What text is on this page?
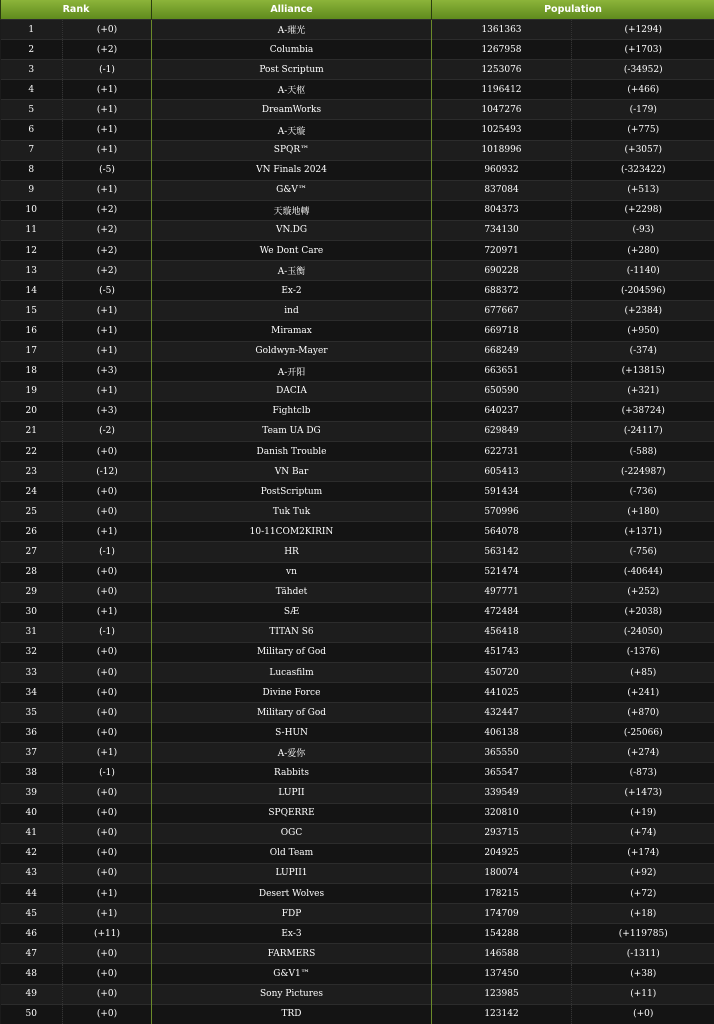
Rank		Alliance	Population	
1	(+0)	A-璀光	1361363	(+1294)
2	(+2)	Columbia	1267958	(+1703)
3	(-1)	Post Scriptum	1253076	(-34952)
4	(+1)	A-天枢	1196412	(+466)
5	(+1)	DreamWorks	1047276	(-179)
6	(+1)	A-天璇	1025493	(+775)
7	(+1)	SPQR™	1018996	(+3057)
8	(-5)	VN Finals 2024	960932	(-323422)
9	(+1)	G&V™	837084	(+513)
10	(+2)	天璇地轉	804373	(+2298)
11	(+2)	VN.DG	734130	(-93)
12	(+2)	We Dont Care	720971	(+280)
13	(+2)	A-玉衡	690228	(-1140)
14	(-5)	Ex-2	688372	(-204596)
15	(+1)	ind	677667	(+2384)
16	(+1)	Miramax	669718	(+950)
17	(+1)	Goldwyn-Mayer	668249	(-374)
18	(+3)	A-开阳	663651	(+13815)
19	(+1)	DACIA	650590	(+321)
20	(+3)	Fightclb	640237	(+38724)
21	(-2)	Team UA DG	629849	(-24117)
22	(+0)	Danish Trouble	622731	(-588)
23	(-12)	VN Bar	605413	(-224987)
24	(+0)	PostScriptum	591434	(-736)
25	(+0)	Tuk Tuk	570996	(+180)
26	(+1)	10-11COM2KIRIN	564078	(+1371)
27	(-1)	HR	563142	(-756)
28	(+0)	vn	521474	(-40644)
29	(+0)	Tähdet	497771	(+252)
30	(+1)	SÆ	472484	(+2038)
31	(-1)	TITAN S6	456418	(-24050)
32	(+0)	Military of God	451743	(-1376)
33	(+0)	Lucasfilm	450720	(+85)
34	(+0)	Divine Force	441025	(+241)
35	(+0)	Military of God	432447	(+870)
36	(+0)	S-HUN	406138	(-25066)
37	(+1)	A-爱你	365550	(+274)
38	(-1)	Rabbits	365547	(-873)
39	(+0)	LUPII	339549	(+1473)
40	(+0)	SPQERRE	320810	(+19)
41	(+0)	OGC	293715	(+74)
42	(+0)	Old Team	204925	(+174)
43	(+0)	LUPII1	180074	(+92)
44	(+1)	Desert Wolves	178215	(+72)
45	(+1)	FDP	174709	(+18)
46	(+11)	Ex-3	154288	(+119785)
47	(+0)	FARMERS	146588	(-1311)
48	(+0)	G&V1™	137450	(+38)
49	(+0)	Sony Pictures	123985	(+11)
50	(+0)	TRD	123142	(+0)
